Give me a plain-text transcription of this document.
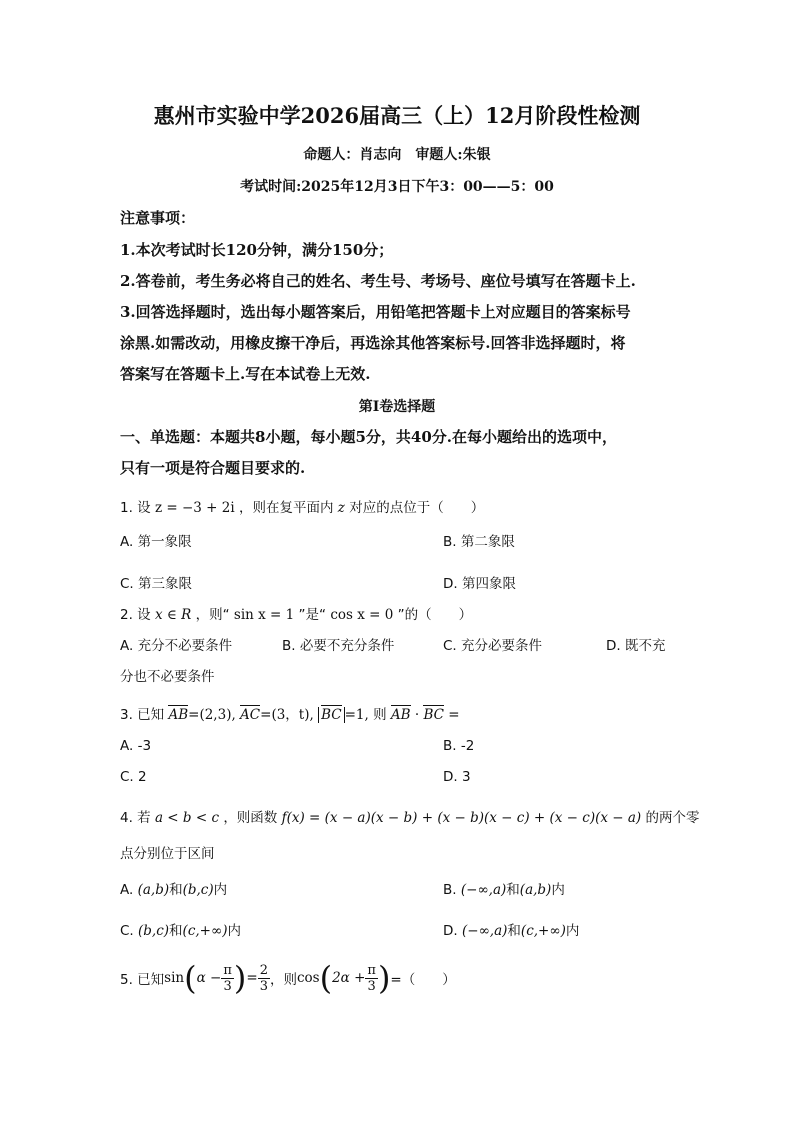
惠州市实验中学2026届高三（上）12月阶段性检测
命题人：肖志向　审题人:朱银
考试时间:2025年12月3日下午3：00——5：00
注意事项：
1.本次考试时长120分钟，满分150分；
2.答卷前，考生务必将自己的姓名、考生号、考场号、座位号填写在答题卡上.
3.回答选择题时，选出每小题答案后，用铅笔把答题卡上对应题目的答案标号
涂黑.如需改动，用橡皮擦干净后，再选涂其他答案标号.回答非选择题时，将
答案写在答题卡上.写在本试卷上无效.
第I卷选择题
一、单选题：本题共8小题，每小题5分，共40分.在每小题给出的选项中，
只有一项是符合题目要求的.
1. 设 z = −3 + 2i ，则在复平面内 z 对应的点位于（　　）
A. 第一象限	B. 第二象限
C. 第三象限	D. 第四象限
2. 设 x ∈ R ，则“ sin x = 1 ”是“ cos x = 0 ”的（　　）
A. 充分不必要条件	B. 必要不充分条件	C. 充分必要条件	D. 既不充
分也不必要条件
3. 已知 AB=(2,3), AC=(3，t), BC =1, 则 AB · BC =
A. -3	B. -2
C. 2	D. 3
4. 若 a < b < c ，则函数 f(x) = (x − a)(x − b) + (x − b)(x − c) + (x − c)(x − a) 的两个零
点分别位于区间
A. (a,b)和(b,c)内	B. (−∞,a)和(a,b)内
C. (b,c)和(c,+∞)内	D. (−∞,a)和(c,+∞)内
5. 已知 sin ( $\alpha - \frac{\pi}{3}$ ) = $\frac{2}{3}$ ，则 cos ( $2\alpha + \frac{\pi}{3}$ ) =（　　）
